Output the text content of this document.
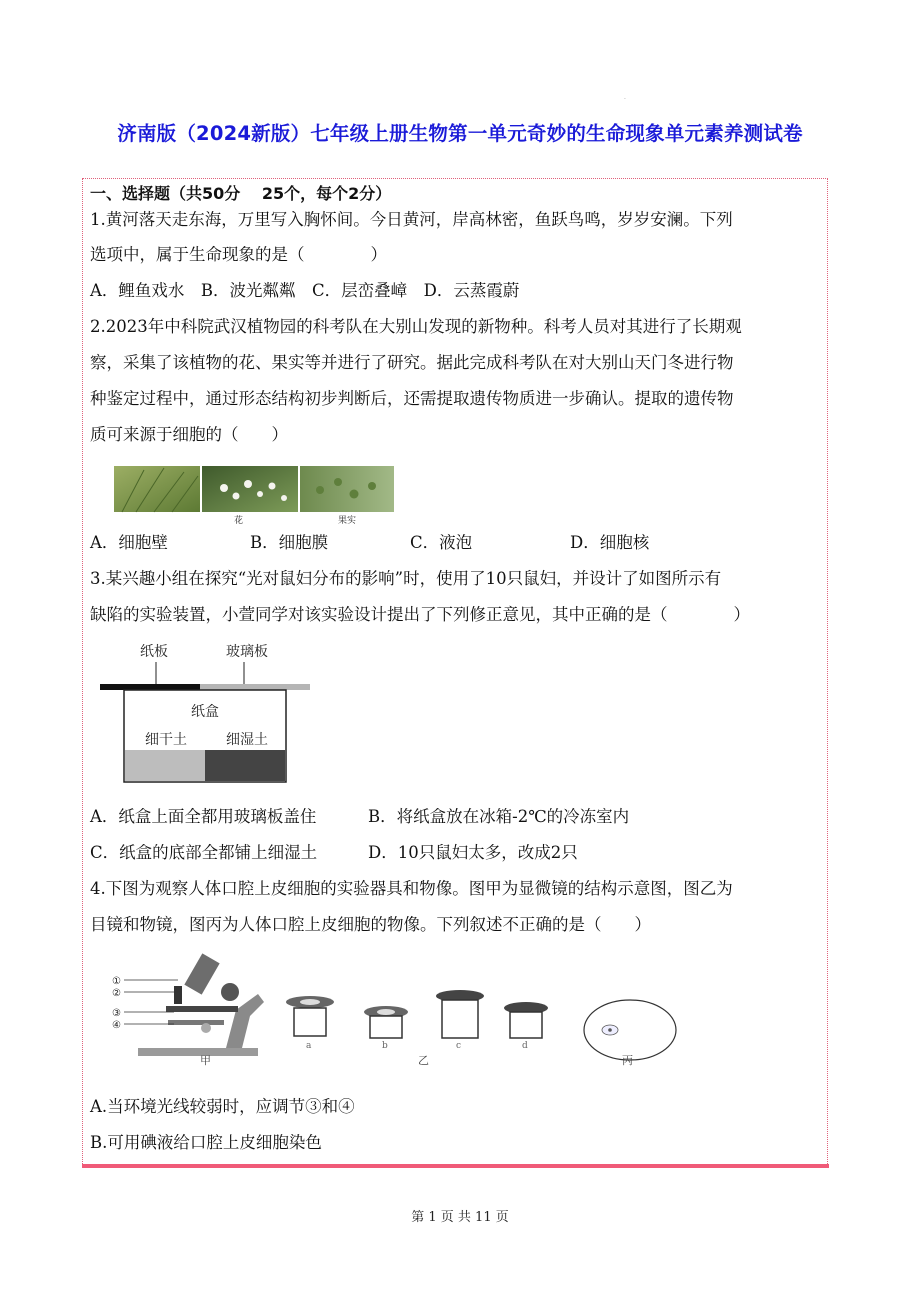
·
济南版（2024新版）七年级上册生物第一单元奇妙的生命现象单元素养测试卷
一、选择题（共50分　 25个，每个2分）
1.黄河落天走东海，万里写入胸怀间。今日黄河，岸高林密，鱼跃鸟鸣，岁岁安澜。下列
选项中，属于生命现象的是（　　　　）
A．鲤鱼戏水　B．波光粼粼　C．层峦叠嶂　D．云蒸霞蔚
2.2023年中科院武汉植物园的科考队在大别山发现的新物种。科考人员对其进行了长期观
察，采集了该植物的花、果实等并进行了研究。据此完成科考队在对大别山天门冬进行物
种鉴定过程中，通过形态结构初步判断后，还需提取遗传物质进一步确认。提取的遗传物
质可来源于细胞的（　　）
花	果实
A．细胞壁	B．细胞膜	C．液泡	D．细胞核
3.某兴趣小组在探究“光对鼠妇分布的影响”时，使用了10只鼠妇，并设计了如图所示有
缺陷的实验装置，小萱同学对该实验设计提出了下列修正意见，其中正确的是（　　　　）
纸板	玻璃板
纸盒
细干土	细湿土
A．纸盒上面全都用玻璃板盖住	B．将纸盒放在冰箱-2℃的冷冻室内
C．纸盒的底部全都铺上细湿土	D．10只鼠妇太多，改成2只
4.下图为观察人体口腔上皮细胞的实验器具和物像。图甲为显微镜的结构示意图，图乙为
目镜和物镜，图丙为人体口腔上皮细胞的物像。下列叙述不正确的是（　　）
①
②
③
④
甲
a	b	c	d
乙	丙
A.当环境光线较弱时，应调节③和④
B.可用碘液给口腔上皮细胞染色
第 1 页 共 11 页
